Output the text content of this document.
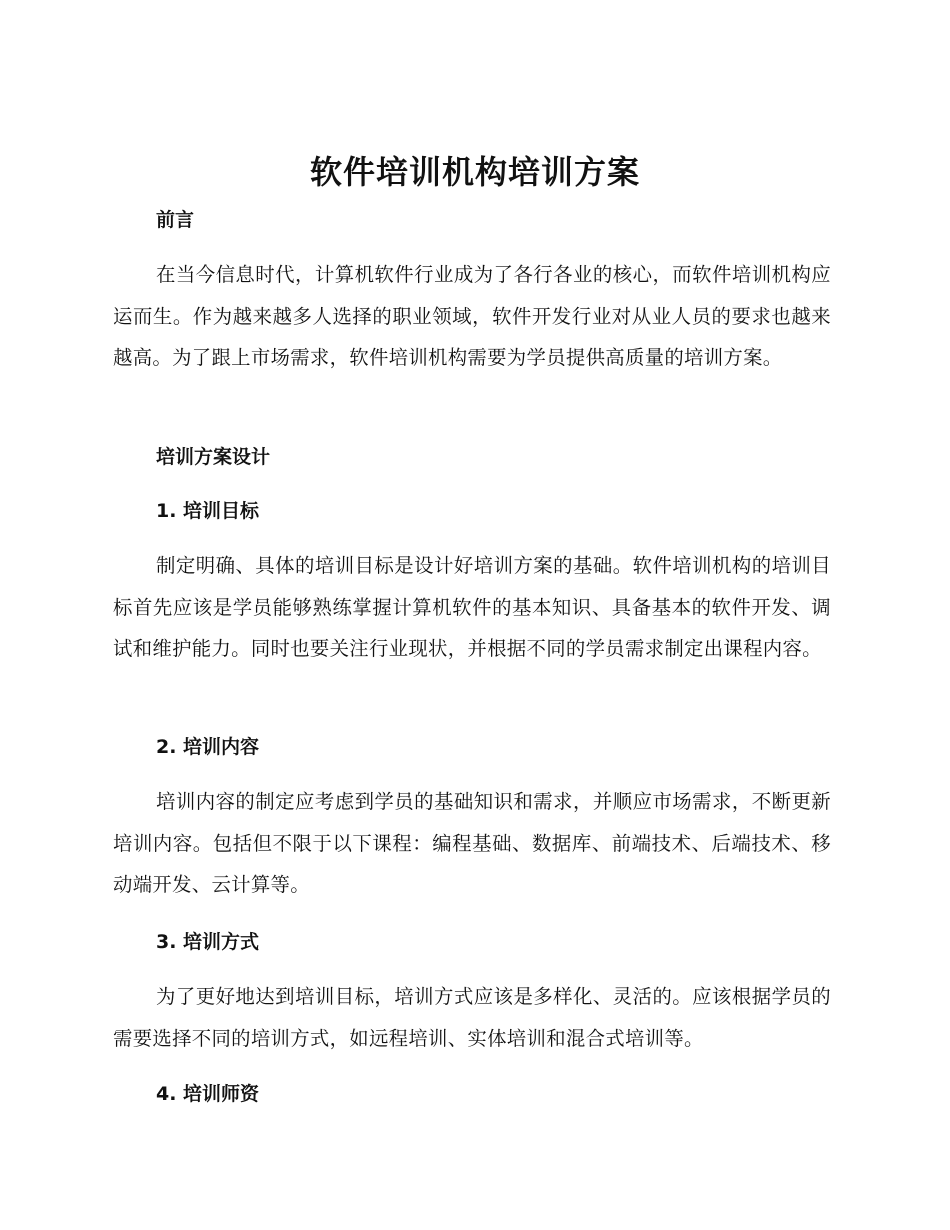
软件培训机构培训方案
前言

在当今信息时代，计算机软件行业成为了各行各业的核心，而软件培训机构应运而生。作为越来越多人选择的职业领域，软件开发行业对从业人员的要求也越来越高。为了跟上市场需求，软件培训机构需要为学员提供高质量的培训方案。

培训方案设计
1. 培训目标

制定明确、具体的培训目标是设计好培训方案的基础。软件培训机构的培训目标首先应该是学员能够熟练掌握计算机软件的基本知识、具备基本的软件开发、调试和维护能力。同时也要关注行业现状，并根据不同的学员需求制定出课程内容。

2. 培训内容

培训内容的制定应考虑到学员的基础知识和需求，并顺应市场需求，不断更新培训内容。包括但不限于以下课程：编程基础、数据库、前端技术、后端技术、移动端开发、云计算等。

3. 培训方式

为了更好地达到培训目标，培训方式应该是多样化、灵活的。应该根据学员的需要选择不同的培训方式，如远程培训、实体培训和混合式培训等。

4. 培训师资
